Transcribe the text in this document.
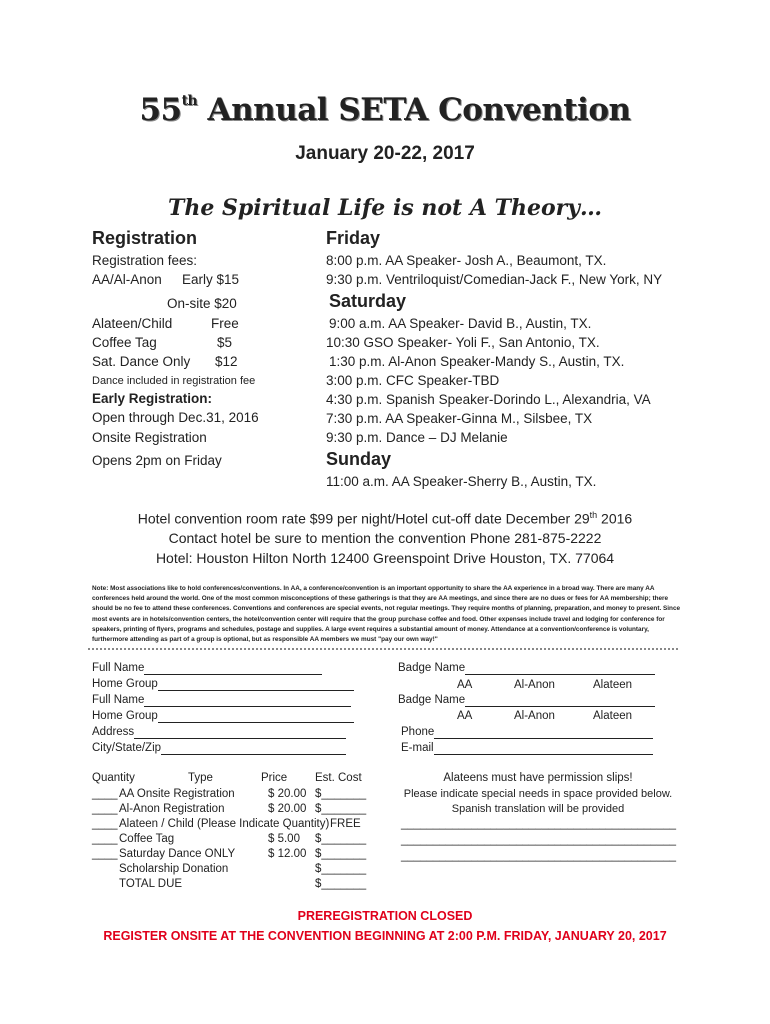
55th Annual SETA Convention
January 20-22, 2017
The Spiritual Life is not A Theory…
Registration
Registration fees:
AA/Al-Anon Early $15
On-site $20
Alateen/Child	Free
Coffee Tag	$5
Sat. Dance Only $12
Dance included in registration fee
Early Registration:
Open through Dec.31, 2016
Onsite Registration
Opens 2pm on Friday
Friday
8:00 p.m. AA Speaker- Josh A., Beaumont, TX.
9:30 p.m. Ventriloquist/Comedian-Jack F., New York, NY
Saturday
9:00 a.m. AA Speaker- David B., Austin, TX.
10:30 GSO Speaker- Yoli F., San Antonio, TX.
1:30 p.m. Al-Anon Speaker-Mandy S., Austin, TX.
3:00 p.m. CFC Speaker-TBD
4:30 p.m. Spanish Speaker-Dorindo L., Alexandria, VA
7:30 p.m. AA Speaker-Ginna M., Silsbee, TX
9:30 p.m. Dance – DJ Melanie
Sunday
11:00 a.m. AA Speaker-Sherry B., Austin, TX.
Hotel convention room rate $99 per night/Hotel cut-off date December 29th 2016
Contact hotel be sure to mention the convention Phone 281-875-2222
Hotel: Houston Hilton North 12400 Greenspoint Drive Houston, TX. 77064
Note: Most associations like to hold conferences/conventions. In AA, a conference/convention is an important opportunity to share the AA experience in a broad way. There are many AA conferences held around the world. One of the most common misconceptions of these gatherings is that they are AA meetings, and since there are no dues or fees for AA membership; there should be no fee to attend these conferences. Conventions and conferences are special events, not regular meetings. They require months of planning, preparation, and money to present. Since most events are in hotels/convention centers, the hotel/convention center will require that the group purchase coffee and food. Other expenses include travel and lodging for conference for speakers, printing of flyers, programs and schedules, postage and supplies. A large event requires a substantial amount of money. Attendance at a convention/conference is voluntary, furthermore attending as part of a group is optional, but as responsible AA members we must "pay our own way!"
Full Name
Home Group
Full Name
Home Group
Address
City/State/Zip
Badge Name
AA	Al-Anon	Alateen
Badge Name
AA	Al-Anon	Alateen
Phone
E-mail
Quantity	Type	Price Est. Cost
____ AA Onsite Registration	$ 20.00 $_______
____ Al-Anon Registration	$ 20.00 $_______
____ Alateen / Child (Please Indicate Quantity) FREE
____ Coffee Tag	$ 5.00 $_______
____ Saturday Dance ONLY	$ 12.00 $_______
Scholarship Donation	$_______
TOTAL DUE	$_______
Alateens must have permission slips!
Please indicate special needs in space provided below.
Spanish translation will be provided
___________________________________________
___________________________________________
___________________________________________
PREREGISTRATION CLOSED
REGISTER ONSITE AT THE CONVENTION BEGINNING AT 2:00 P.M. FRIDAY, JANUARY 20, 2017
